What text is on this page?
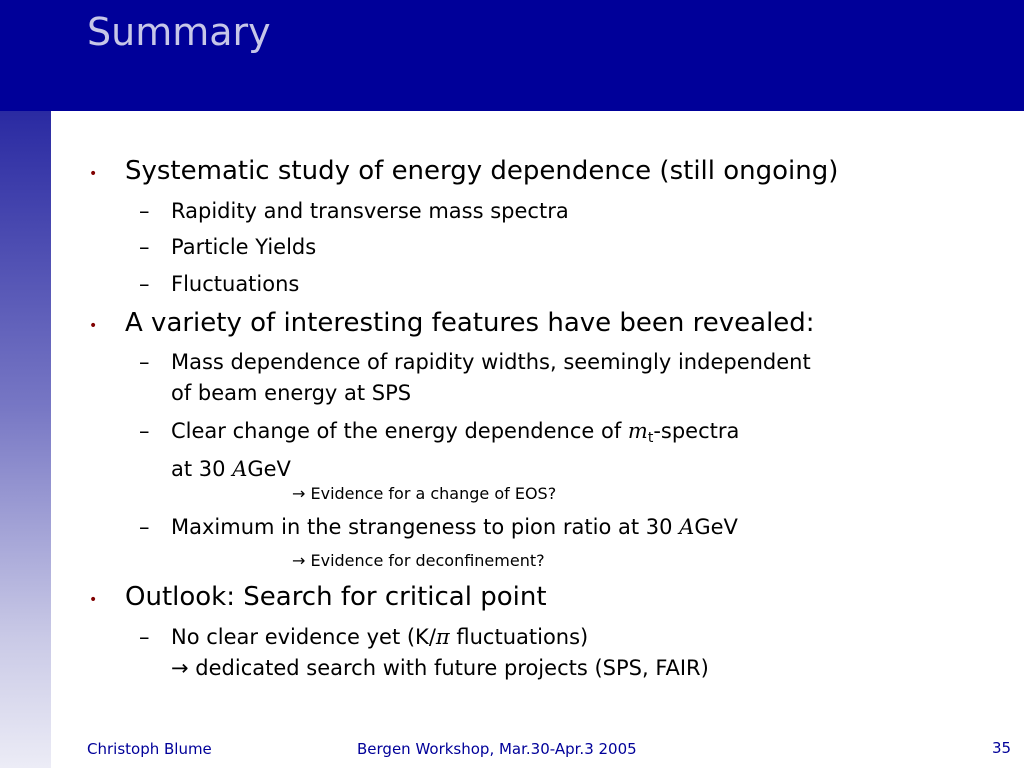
Summary
• Systematic study of energy dependence (still ongoing)
– Rapidity and transverse mass spectra
– Particle Yields
– Fluctuations
• A variety of interesting features have been revealed:
– Mass dependence of rapidity widths, seemingly independent
of beam energy at SPS
– Clear change of the energy dependence of $m_t$-spectra
at 30 AGeV
→ Evidence for a change of EOS?
– Maximum in the strangeness to pion ratio at 30 AGeV
→ Evidence for deconfinement?
• Outlook: Search for critical point
– No clear evidence yet (K/π fluctuations)
→ dedicated search with future projects (SPS, FAIR)
Christoph Blume	Bergen Workshop, Mar.30-Apr.3 2005	35
